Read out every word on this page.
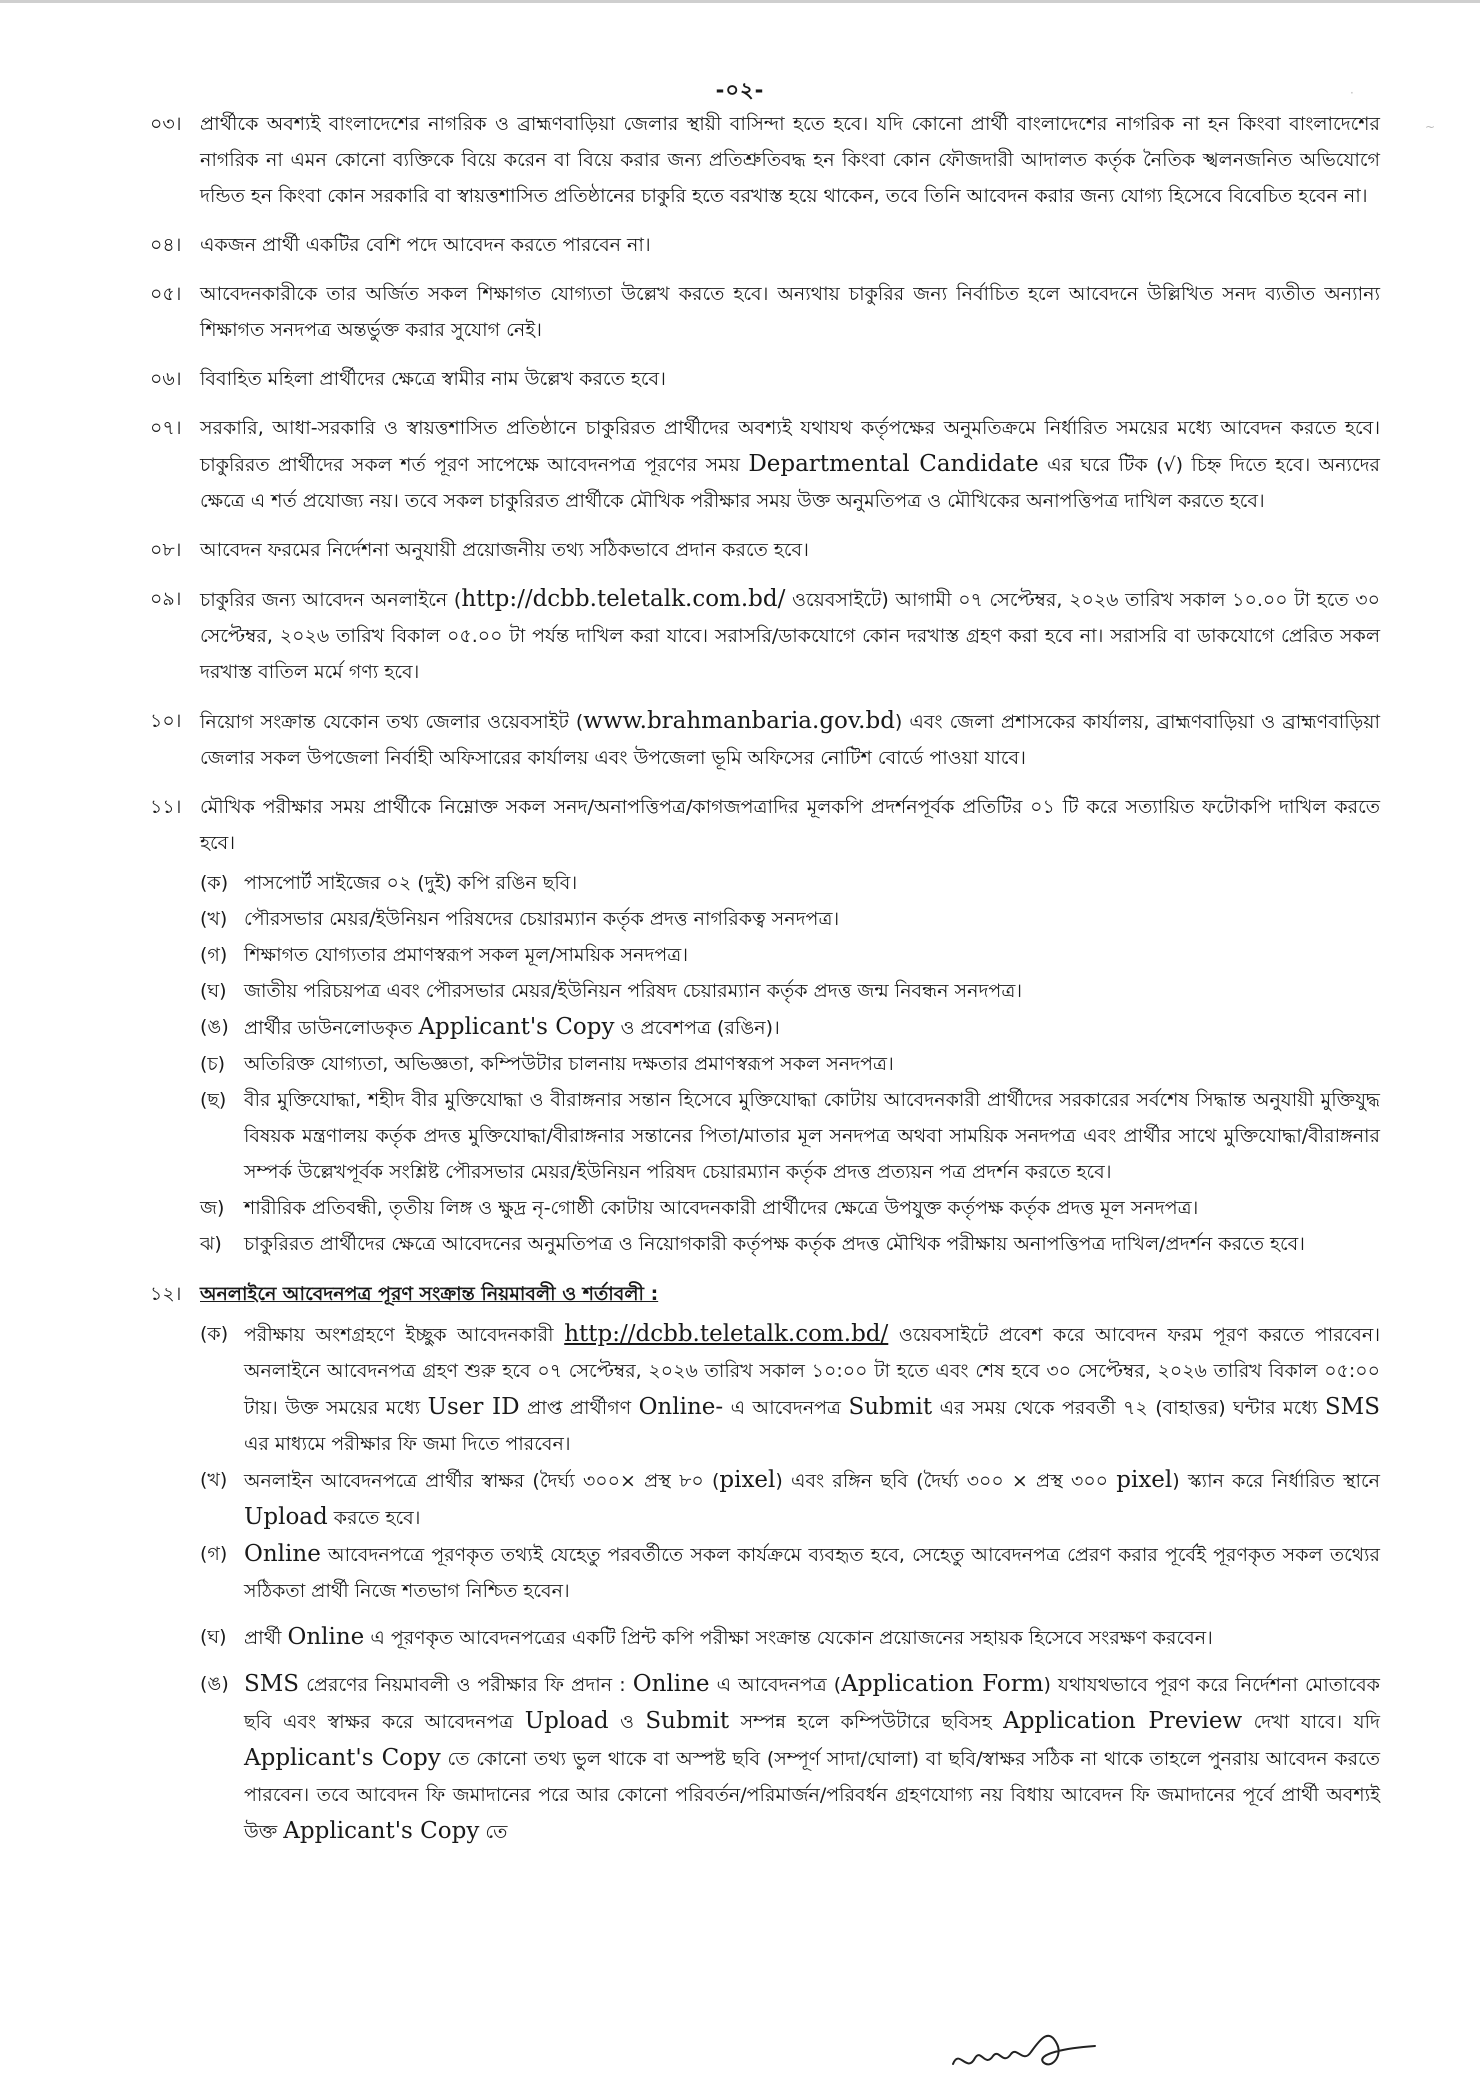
-০২-
০৩। প্রার্থীকে অবশ্যই বাংলাদেশের নাগরিক ও ব্রাহ্মণবাড়িয়া জেলার স্থায়ী বাসিন্দা হতে হবে। যদি কোনো প্রার্থী বাংলাদেশের নাগরিক না হন কিংবা বাংলাদেশের নাগরিক না এমন কোনো ব্যক্তিকে বিয়ে করেন বা বিয়ে করার জন্য প্রতিশ্রুতিবদ্ধ হন কিংবা কোন ফৌজদারী আদালত কর্তৃক নৈতিক স্খলনজনিত অভিযোগে দন্ডিত হন কিংবা কোন সরকারি বা স্বায়ত্তশাসিত প্রতিষ্ঠানের চাকুরি হতে বরখাস্ত হয়ে থাকেন, তবে তিনি আবেদন করার জন্য যোগ্য হিসেবে বিবেচিত হবেন না।
০৪। একজন প্রার্থী একটির বেশি পদে আবেদন করতে পারবেন না।
০৫। আবেদনকারীকে তার অর্জিত সকল শিক্ষাগত যোগ্যতা উল্লেখ করতে হবে। অন্যথায় চাকুরির জন্য নির্বাচিত হলে আবেদনে উল্লিখিত সনদ ব্যতীত অন্যান্য শিক্ষাগত সনদপত্র অন্তর্ভুক্ত করার সুযোগ নেই।
০৬। বিবাহিত মহিলা প্রার্থীদের ক্ষেত্রে স্বামীর নাম উল্লেখ করতে হবে।
০৭। সরকারি, আধা-সরকারি ও স্বায়ত্তশাসিত প্রতিষ্ঠানে চাকুরিরত প্রার্থীদের অবশ্যই যথাযথ কর্তৃপক্ষের অনুমতিক্রমে নির্ধারিত সময়ের মধ্যে আবেদন করতে হবে। চাকুরিরত প্রার্থীদের সকল শর্ত পূরণ সাপেক্ষে আবেদনপত্র পূরণের সময় Departmental Candidate এর ঘরে টিক (√) চিহ্ন দিতে হবে। অন্যদের ক্ষেত্রে এ শর্ত প্রযোজ্য নয়। তবে সকল চাকুরিরত প্রার্থীকে মৌখিক পরীক্ষার সময় উক্ত অনুমতিপত্র ও মৌখিকের অনাপত্তিপত্র দাখিল করতে হবে।
০৮। আবেদন ফরমের নির্দেশনা অনুযায়ী প্রয়োজনীয় তথ্য সঠিকভাবে প্রদান করতে হবে।
০৯। চাকুরির জন্য আবেদন অনলাইনে (http://dcbb.teletalk.com.bd/ ওয়েবসাইটে) আগামী ০৭ সেপ্টেম্বর, ২০২৬ তারিখ সকাল ১০.০০ টা হতে ৩০ সেপ্টেম্বর, ২০২৬ তারিখ বিকাল ০৫.০০ টা পর্যন্ত দাখিল করা যাবে। সরাসরি/ডাকযোগে কোন দরখাস্ত গ্রহণ করা হবে না। সরাসরি বা ডাকযোগে প্রেরিত সকল দরখাস্ত বাতিল মর্মে গণ্য হবে।
১০। নিয়োগ সংক্রান্ত যেকোন তথ্য জেলার ওয়েবসাইট (www.brahmanbaria.gov.bd) এবং জেলা প্রশাসকের কার্যালয়, ব্রাহ্মণবাড়িয়া ও ব্রাহ্মণবাড়িয়া জেলার সকল উপজেলা নির্বাহী অফিসারের কার্যালয় এবং উপজেলা ভূমি অফিসের নোটিশ বোর্ডে পাওয়া যাবে।
১১। মৌখিক পরীক্ষার সময় প্রার্থীকে নিম্নোক্ত সকল সনদ/অনাপত্তিপত্র/কাগজপত্রাদির মূলকপি প্রদর্শনপূর্বক প্রতিটির ০১ টি করে সত্যায়িত ফটোকপি দাখিল করতে হবে।
(ক) পাসপোর্ট সাইজের ০২ (দুই) কপি রঙিন ছবি।
(খ) পৌরসভার মেয়র/ইউনিয়ন পরিষদের চেয়ারম্যান কর্তৃক প্রদত্ত নাগরিকত্ব সনদপত্র।
(গ) শিক্ষাগত যোগ্যতার প্রমাণস্বরূপ সকল মূল/সাময়িক সনদপত্র।
(ঘ) জাতীয় পরিচয়পত্র এবং পৌরসভার মেয়র/ইউনিয়ন পরিষদ চেয়ারম্যান কর্তৃক প্রদত্ত জন্ম নিবন্ধন সনদপত্র।
(ঙ) প্রার্থীর ডাউনলোডকৃত Applicant's Copy ও প্রবেশপত্র (রঙিন)।
(চ) অতিরিক্ত যোগ্যতা, অভিজ্ঞতা, কম্পিউটার চালনায় দক্ষতার প্রমাণস্বরূপ সকল সনদপত্র।
(ছ) বীর মুক্তিযোদ্ধা, শহীদ বীর মুক্তিযোদ্ধা ও বীরাঙ্গনার সন্তান হিসেবে মুক্তিযোদ্ধা কোটায় আবেদনকারী প্রার্থীদের সরকারের সর্বশেষ সিদ্ধান্ত অনুযায়ী মুক্তিযুদ্ধ বিষয়ক মন্ত্রণালয় কর্তৃক প্রদত্ত মুক্তিযোদ্ধা/বীরাঙ্গনার সন্তানের পিতা/মাতার মূল সনদপত্র অথবা সাময়িক সনদপত্র এবং প্রার্থীর সাথে মুক্তিযোদ্ধা/বীরাঙ্গনার সম্পর্ক উল্লেখপূর্বক সংশ্লিষ্ট পৌরসভার মেয়র/ইউনিয়ন পরিষদ চেয়ারম্যান কর্তৃক প্রদত্ত প্রত্যয়ন পত্র প্রদর্শন করতে হবে।
জ)	শারীরিক প্রতিবন্ধী, তৃতীয় লিঙ্গ ও ক্ষুদ্র নৃ-গোষ্ঠী কোটায় আবেদনকারী প্রার্থীদের ক্ষেত্রে উপযুক্ত কর্তৃপক্ষ কর্তৃক প্রদত্ত মূল সনদপত্র।
ঝ)	চাকুরিরত প্রার্থীদের ক্ষেত্রে আবেদনের অনুমতিপত্র ও নিয়োগকারী কর্তৃপক্ষ কর্তৃক প্রদত্ত মৌখিক পরীক্ষায় অনাপত্তিপত্র দাখিল/প্রদর্শন করতে হবে।
১২। অনলাইনে আবেদনপত্র পূরণ সংক্রান্ত নিয়মাবলী ও শর্তাবলী :
(ক) পরীক্ষায় অংশগ্রহণে ইচ্ছুক আবেদনকারী http://dcbb.teletalk.com.bd/ ওয়েবসাইটে প্রবেশ করে আবেদন ফরম পূরণ করতে পারবেন। অনলাইনে আবেদনপত্র গ্রহণ শুরু হবে ০৭ সেপ্টেম্বর, ২০২৬ তারিখ সকাল ১০:০০ টা হতে এবং শেষ হবে ৩০ সেপ্টেম্বর, ২০২৬ তারিখ বিকাল ০৫:০০ টায়। উক্ত সময়ের মধ্যে User ID প্রাপ্ত প্রার্থীগণ Online- এ আবেদনপত্র Submit এর সময় থেকে পরবর্তী ৭২ (বাহাত্তর) ঘন্টার মধ্যে SMS এর মাধ্যমে পরীক্ষার ফি জমা দিতে পারবেন।
(খ) অনলাইন আবেদনপত্রে প্রার্থীর স্বাক্ষর (দৈর্ঘ্য ৩০০× প্রস্থ ৮০ (pixel) এবং রঙ্গিন ছবি (দৈর্ঘ্য ৩০০ × প্রস্থ ৩০০ pixel) স্ক্যান করে নির্ধারিত স্থানে Upload করতে হবে।
(গ) Online আবেদনপত্রে পূরণকৃত তথ্যই যেহেতু পরবর্তীতে সকল কার্যক্রমে ব্যবহৃত হবে, সেহেতু আবেদনপত্র প্রেরণ করার পূর্বেই পূরণকৃত সকল তথ্যের সঠিকতা প্রার্থী নিজে শতভাগ নিশ্চিত হবেন।
(ঘ) প্রার্থী Online এ পূরণকৃত আবেদনপত্রের একটি প্রিন্ট কপি পরীক্ষা সংক্রান্ত যেকোন প্রয়োজনের সহায়ক হিসেবে সংরক্ষণ করবেন।
(ঙ) SMS প্রেরণের নিয়মাবলী ও পরীক্ষার ফি প্রদান : Online এ আবেদনপত্র (Application Form) যথাযথভাবে পূরণ করে নির্দেশনা মোতাবেক ছবি এবং স্বাক্ষর করে আবেদনপত্র Upload ও Submit সম্পন্ন হলে কম্পিউটারে ছবিসহ Application Preview দেখা যাবে। যদি Applicant's Copy তে কোনো তথ্য ভুল থাকে বা অস্পষ্ট ছবি (সম্পূর্ণ সাদা/ঘোলা) বা ছবি/স্বাক্ষর সঠিক না থাকে তাহলে পুনরায় আবেদন করতে পারবেন। তবে আবেদন ফি জমাদানের পরে আর কোনো পরিবর্তন/পরিমার্জন/পরিবর্ধন গ্রহণযোগ্য নয় বিধায় আবেদন ফি জমাদানের পূর্বে প্রার্থী অবশ্যই উক্ত Applicant's Copy তে
·
~
